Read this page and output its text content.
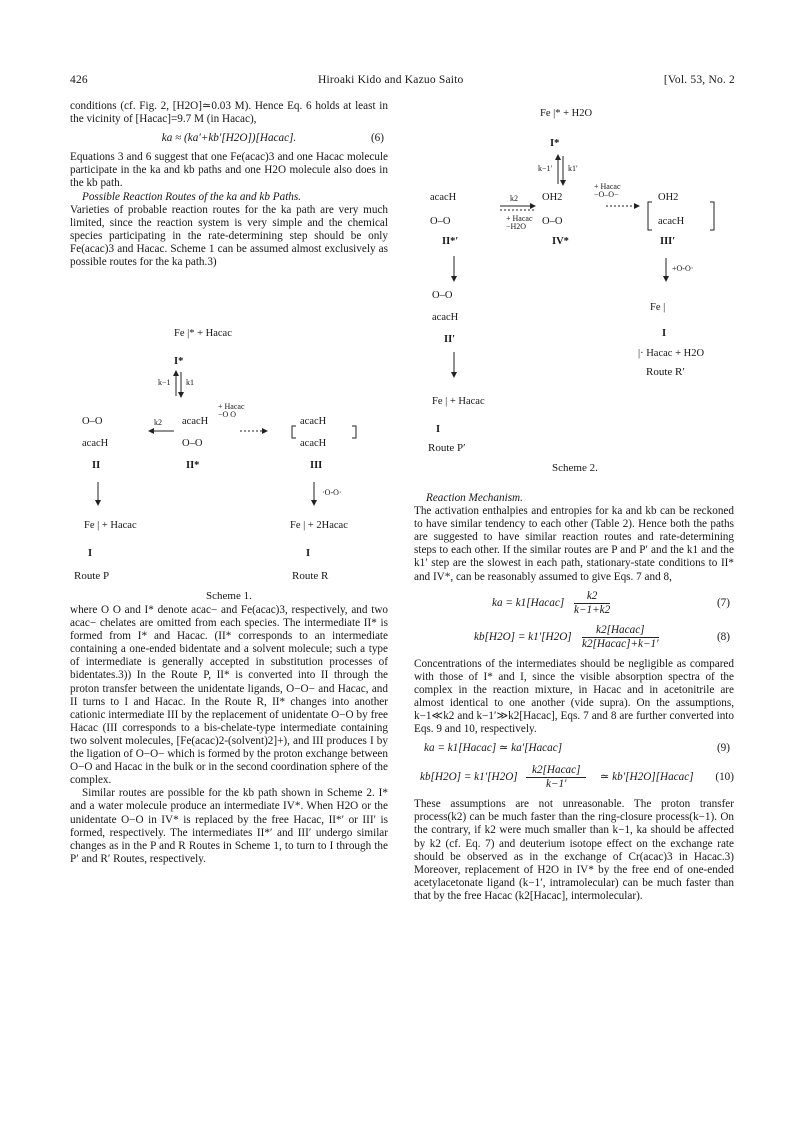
426	Hiroaki Kido and Kazuo Saito	[Vol. 53, No. 2

conditions (cf. Fig. 2, [H2O]≃0.03 M). Hence Eq. 6 holds at least in the vicinity of [Hacac]=9.7 M (in Hacac),

ka ≈ (ka′+kb′[H2O])[Hacac].	(6)

Equations 3 and 6 suggest that one Fe(acac)3 and one Hacac molecule participate in the ka and kb paths and one H2O molecule also does in the kb path.

Possible Reaction Routes of the ka and kb Paths.

Varieties of probable reaction routes for the ka path are very much limited, since the reaction system is very simple and the chemical species participating in the rate-determining step should be only Fe(acac)3 and Hacac. Scheme 1 can be assumed almost exclusively as possible routes for the ka path.3)

Fe |* + Hacac
I*
k−1 k1
+ Hacac
−O O
O–O
acacH
k2
II
acacH
O–O
II*
acacH
acacH
III
·O-O·
Fe | + Hacac
I
Fe | + 2Hacac
I
Route P	Route R
Scheme 1.

where O O and I* denote acac− and Fe(acac)3, respectively, and two acac− chelates are omitted from each species. The intermediate II* is formed from I* and Hacac. (II* corresponds to an intermediate containing a one-ended bidentate and a solvent molecule; such a type of intermediate is generally accepted in substitution processes of bidentates.3)) In the Route P, II* is converted into II through the proton transfer between the unidentate ligands, O−O− and Hacac, and II turns to I and Hacac. In the Route R, II* changes into another cationic intermediate III by the replacement of unidentate O−O by free Hacac (III corresponds to a bis-chelate-type intermediate containing two solvent molecules, [Fe(acac)2-(solvent)2]+), and III produces I by the ligation of O−O− which is formed by the proton exchange between O−O and Hacac in the bulk or in the second coordination sphere of the complex.

Similar routes are possible for the kb path shown in Scheme 2. I* and a water molecule produce an intermediate IV*. When H2O or the unidentate O−O in IV* is replaced by the free Hacac, II*′ or III′ is formed, respectively. The intermediates II*′ and III′ undergo similar changes as in the P and R Routes in Scheme 1, to turn to I through the P′ and R′ Routes, respectively.

Fe |* + H2O
I*
k−1′ k1′
acacH
O–O
II*′
k2
+ Hacac
−H2O
OH2
O–O
IV*
+ Hacac
−O–O−	OH2
acacH
III′
+O-O·
O–O
acacH
II′
Fe |
I
|· Hacac + H2O
Route R′
Fe | + Hacac
I
Route P′
Scheme 2.

Reaction Mechanism.

The activation enthalpies and entropies for ka and kb can be reckoned to have similar tendency to each other (Table 2). Hence both the paths are suggested to have similar reaction routes and rate-determining steps to each other. If the similar routes are P and P′ and the k1 and the k1′ step are the slowest in each path, stationary-state conditions to II* and IV*, can be reasonably assumed to give Eqs. 7 and 8,

ka = k1[Hacac] $\frac{k2}{k-1+k2}$	(7)
kb[H2O] = k1′[H2O]
k2[Hacac]
k2[Hacac]+k−1′
(8)

Concentrations of the intermediates should be negligible as compared with those of I* and I, since the visible absorption spectra of the complex in the reaction mixture, in Hacac and in acetonitrile are almost identical to one another (vide supra). On the assumptions, k−1≪k2 and k−1′≫k2[Hacac], Eqs. 7 and 8 are further converted into Eqs. 9 and 10, respectively.

ka = k1[Hacac] ≃ ka′[Hacac]	(9)
kb[H2O] = k1′[H2O]
k2[Hacac]
k−1′
≃ kb′[H2O][Hacac] (10)

These assumptions are not unreasonable. The proton transfer process(k2) can be much faster than the ring-closure process(k−1). On the contrary, if k2 were much smaller than k−1, ka should be affected by k2 (cf. Eq. 7) and deuterium isotope effect on the exchange rate should be observed as in the exchange of Cr(acac)3 in Hacac.3) Moreover, replacement of H2O in IV* by the free end of one-ended acetylacetonate ligand (k−1′, intramolecular) can be much faster than that by the free Hacac (k2[Hacac], intermolecular).
